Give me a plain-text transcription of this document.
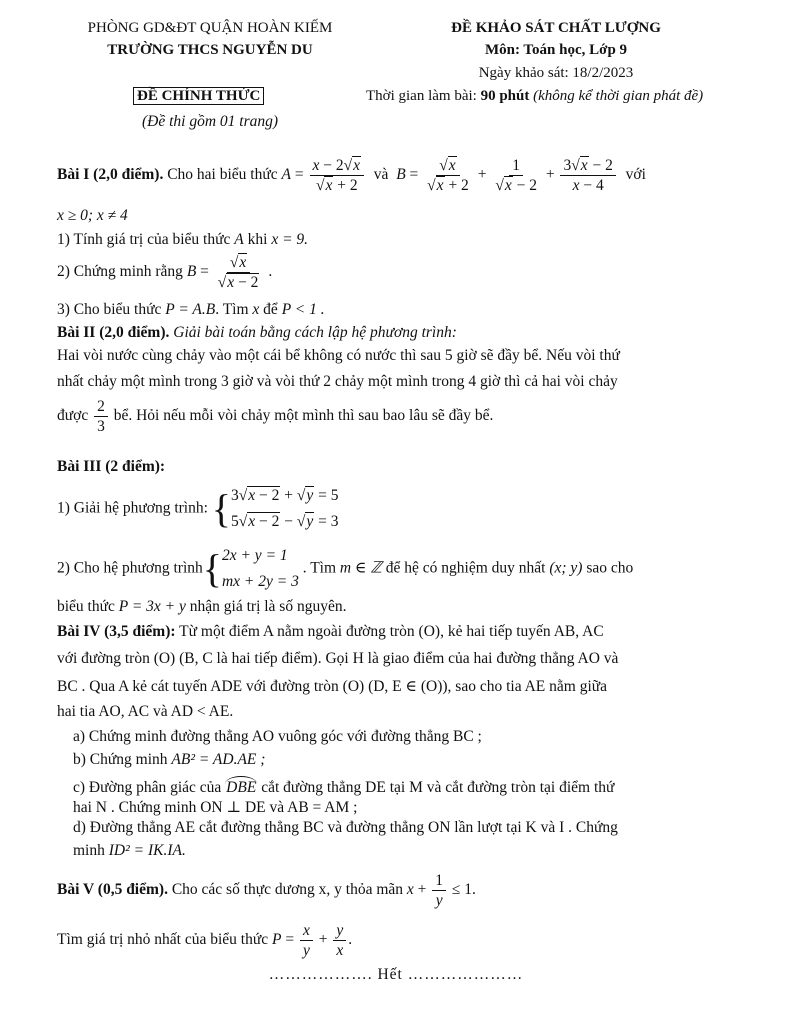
PHÒNG GD&ĐT QUẬN HOÀN KIẾM
TRƯỜNG THCS NGUYỄN DU
ĐỀ CHÍNH THỨC
(Đề thi gồm 01 trang)
ĐỀ KHẢO SÁT CHẤT LƯỢNG
Môn: Toán học, Lớp 9
Ngày khảo sát: 18/2/2023
Thời gian làm bài: 90 phút (không kể thời gian phát đề)
Bài I (2,0 điểm). Cho hai biểu thức $A = \frac{x - 2√x}{√x + 2}$ và $B = \frac{√x}{√x + 2} + \frac{1}{√x - 2} + \frac{3√x - 2}{x - 4}$ với
x ≥ 0; x ≠ 4
1) Tính giá trị của biểu thức A khi x = 9.
2) Chứng minh rằng $B = \frac{√x}{√x - 2}$ .
3) Cho biểu thức P = A.B. Tìm x để P < 1 .
Bài II (2,0 điểm). Giải bài toán bằng cách lập hệ phương trình:
Hai vòi nước cùng chảy vào một cái bể không có nước thì sau 5 giờ sẽ đầy bể. Nếu vòi thứ
nhất chảy một mình trong 3 giờ và vòi thứ 2 chảy một mình trong 4 giờ thì cả hai vòi chảy
được $\frac{2}{3}$ bể. Hỏi nếu mỗi vòi chảy một mình thì sau bao lâu sẽ đầy bể.
Bài III (2 điểm):
1) Giải hệ phương trình: { 3√x − 2 + √y = 5
5√x − 2 − √y = 3
2) Cho hệ phương trình{ 2x + y = 1
mx + 2y = 3
. Tìm m ∈ ℤ để hệ có nghiệm duy nhất (x; y) sao cho
biểu thức P = 3x + y nhận giá trị là số nguyên.
Bài IV (3,5 điểm): Từ một điểm A nằm ngoài đường tròn (O), kẻ hai tiếp tuyến AB, AC
với đường tròn (O) (B, C là hai tiếp điểm). Gọi H là giao điểm của hai đường thẳng AO và
BC . Qua A kẻ cát tuyến ADE với đường tròn (O) (D, E ∈ (O)), sao cho tia AE nằm giữa
hai tia AO, AC và AD < AE.
a) Chứng minh đường thẳng AO vuông góc với đường thẳng BC ;
b) Chứng minh AB² = AD.AE ;
c) Đường phân giác của DBE cắt đường thẳng DE tại M và cắt đường tròn tại điểm thứ
hai N . Chứng minh ON ⊥ DE và AB = AM ;
d) Đường thẳng AE cắt đường thẳng BC và đường thẳng ON lần lượt tại K và I . Chứng
minh ID² = IK.IA.
Bài V (0,5 điểm). Cho các số thực dương x, y thỏa mãn $x + \frac{1}{y} \le 1$.
Tìm giá trị nhỏ nhất của biểu thức $P = \frac{x}{y} + \frac{y}{x}$ .
………………. Hết …………………
